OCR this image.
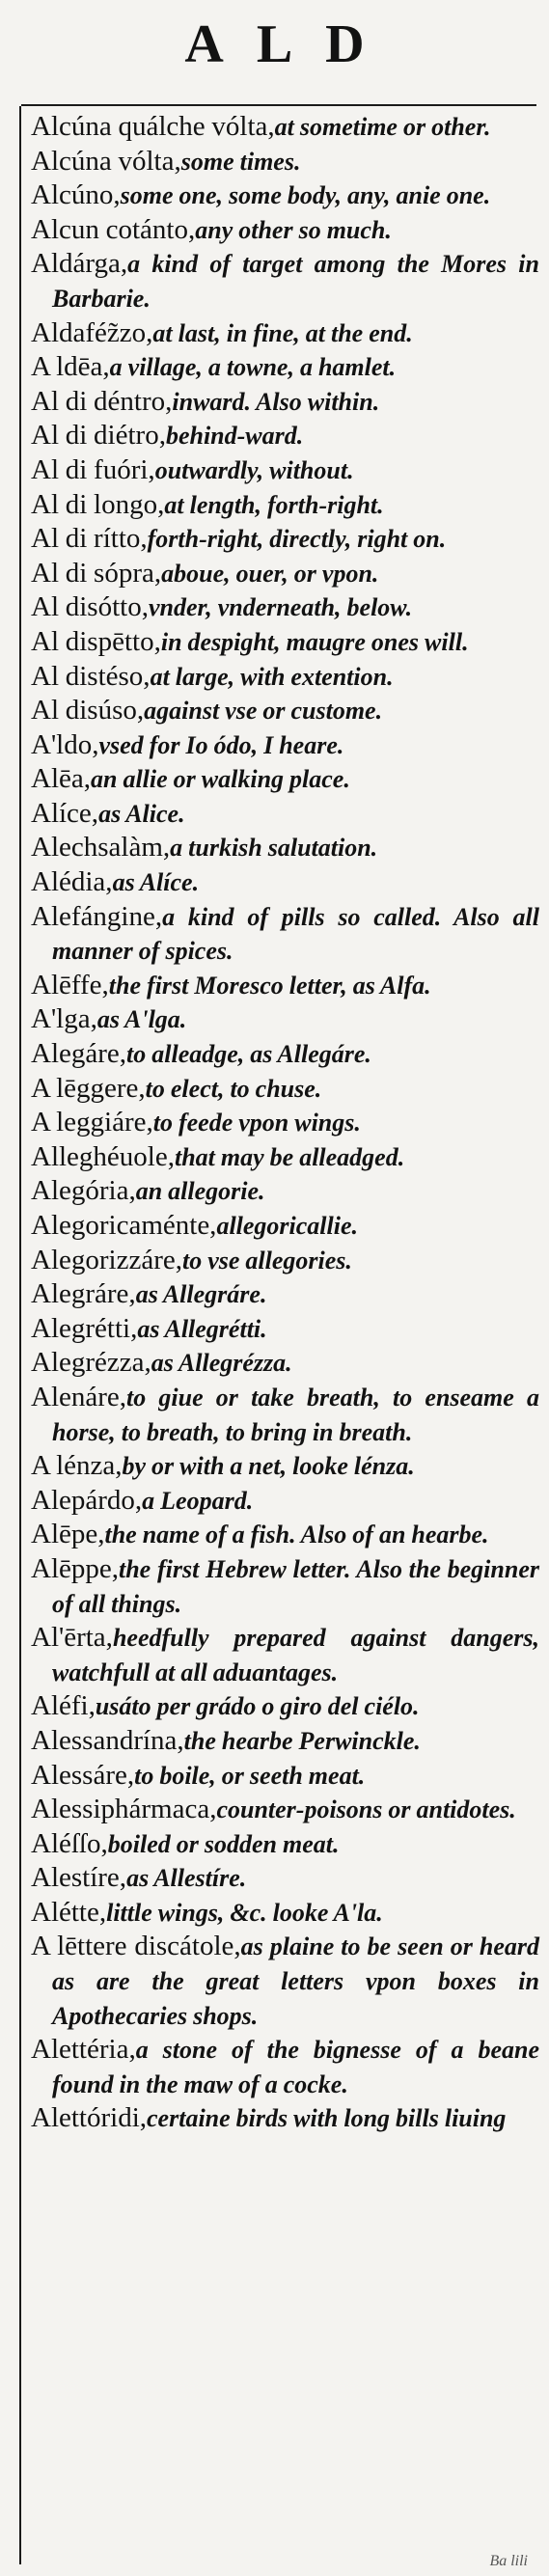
ALD

Alcúna quálche vólta,at sometime or other.

Alcúna vólta,some times.

Alcúno,some one, some body, any, anie one.

Alcun cotánto,any other so much.

Aldárga,a kind of target among the Mores in Barbarie.

Aldaféz̃zo,at last, in fine, at the end.

A ldēa,a village, a towne, a hamlet.

Al di déntro,inward. Also within.

Al di diétro,behind-ward.

Al di fuóri,outwardly, without.

Al di longo,at length, forth-right.

Al di rítto,forth-right, directly, right on.

Al di sópra,aboue, ouer, or vpon.

Al disótto,vnder, vnderneath, below.

Al dispētto,in despight, maugre ones will.

Al distéso,at large, with extention.

Al disúso,against vse or custome.

A'ldo,vsed for Io ódo, I heare.

Alēa,an allie or walking place.

Alíce,as Alice.

Alechsalàm,a turkish salutation.

Alédia,as Alíce.

Alefángine,a kind of pills so called. Also all manner of spices.

Alēffe,the first Moresco letter, as Alfa.

A'lga,as A'lga.

Alegáre,to alleadge, as Allegáre.

A lēggere,to elect, to chuse.

A leggiáre,to feede vpon wings.

Alleghéuole,that may be alleadged.

Alegória,an allegorie.

Alegoricaménte,allegoricallie.

Alegorizzáre,to vse allegories.

Alegráre,as Allegráre.

Alegrétti,as Allegrétti.

Alegrézza,as Allegrézza.

Alenáre,to giue or take breath, to enseame a horse, to breath, to bring in breath.

A lénza,by or with a net, looke lénza.

Alepárdo,a Leopard.

Alēpe,the name of a fish. Also of an hearbe.

Alēppe,the first Hebrew letter. Also the beginner of all things.

Al'ērta,heedfully prepared against dangers, watchfull at all aduantages.

Aléfi,usáto per grádo o giro del ciélo.

Alessandrína,the hearbe Perwinckle.

Alessáre,to boile, or seeth meat.

Alessiphármaca,counter-poisons or antidotes.

Aléſſo,boiled or sodden meat.

Alestíre,as Allestíre.

Alétte,little wings, &c. looke A'la.

A lēttere discátole,as plaine to be seen or heard as are the great letters vpon boxes in Apothecaries shops.

Alettéria,a stone of the bignesse of a beane found in the maw of a cocke.

Alettóridi,certaine birds with long bills liuing

Ba lili
